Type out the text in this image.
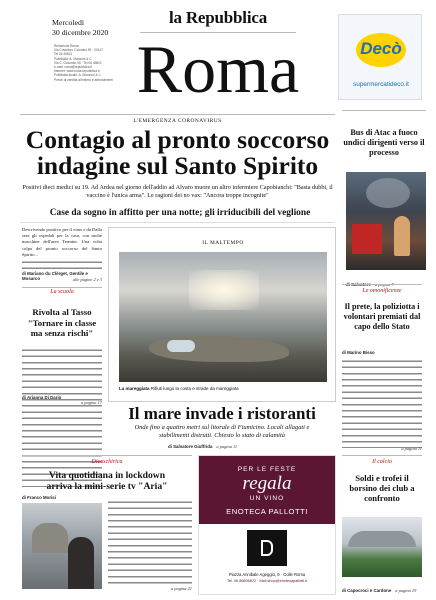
la Repubblica
Roma
Mercoledì
30 dicembre 2020
Redazione Roma
Via Cristoforo Colombo 90 · 00147
Tel 06 49821
Pubblicità: A. Manzoni & C.
Via C. Colombo 90 · Tel 06 49821
e-mail: roma@repubblica.it
Internet: www.roma.repubblica.it
Pubblicità locale: A. Manzoni & C.
Prezzi di vendita all'estero e abbonamenti
Decò
supermercatideco.it
L'EMERGENZA CORONAVIRUS
Contagio al pronto soccorso
indagine sul Santo Spirito
Positivi dieci medici su 19. Ad Ardea nel giorno dell'addio ad Alvaro muore un altro infermiere Capobianchi: "Basta dubbi, il vaccino è l'unica arma". Le ragioni dei no vax: "Ancora troppe incognite"
Case da sogno in affitto per una notte; gli irriducibili del veglione
Bus di Atac a fuoco undici dirigenti verso il processo
Descrivendo positivo per il virus e da Dalla sera gli ospedali per la casa, con molte macchine dell'area Termini. Una volta colpa del pronto soccorso del Santo Spirito...
di Mariano du Clèrget, Gentile e Mosarco	alle pagine 2 e 3
La scuola
Rivolta al Tasso
"Tornare in classe
ma senza rischi"
di Arianna Di Dario
a pagina 17
IL MALTEMPO
La mareggiata Rifiuti lungo la costa e strade da mareggiata
Il mare invade i ristoranti
Onde fino a quattro metri sul litorale di Fiumicino. Locali allagati e stabilimenti distrutti. Chiesto lo stato di calamità
di Salvatore Giuffrida a pagina 11
Le omonificenze
Il prete, la poliziotta i volontari premiati dal capo dello Stato
di Marino Bisso
a pagina 11
Dicoschirica
Vita quotidiana in lockdown
arriva la mini-serie tv "Aria"
di Franco Morisi
a pagina 21
PER LE FESTE
regala
UN VINO
ENOTECA PALLOTTI
Piazza Annibale Ageggio, 9 · Colle Roma
Tel. 06 86896872 · Mail shop@enotecapallotti.it
Il calcio
Soldi e trofei il borsino dei club a confronto
di Capocroci e Cardone a pagina 19
